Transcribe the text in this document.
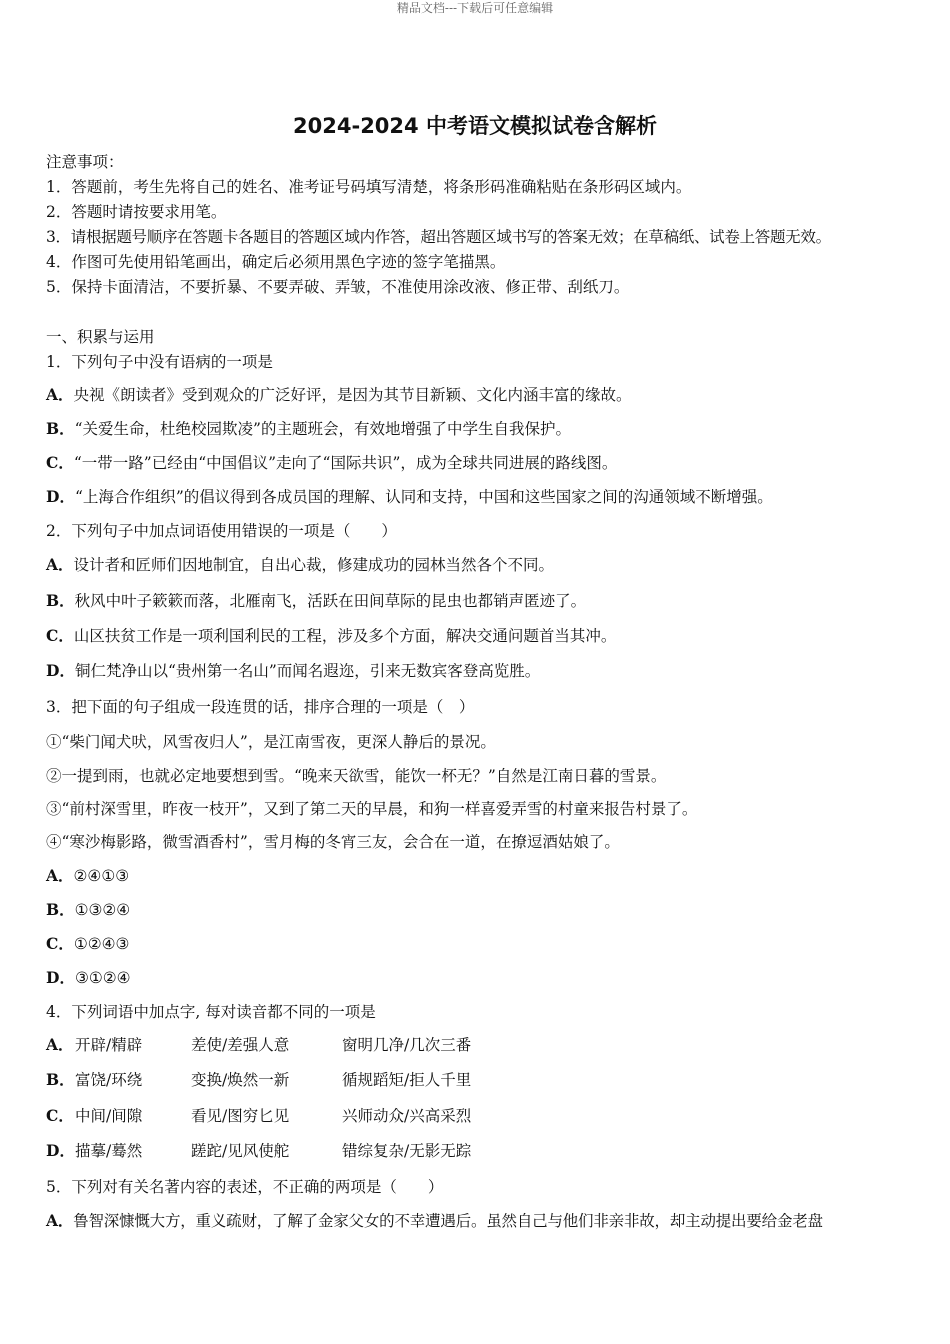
精品文档---下载后可任意编辑
2024-2024 中考语文模拟试卷含解析
注意事项：
1．答题前，考生先将自己的姓名、准考证号码填写清楚，将条形码准确粘贴在条形码区域内。
2．答题时请按要求用笔。
3．请根据题号顺序在答题卡各题目的答题区域内作答，超出答题区域书写的答案无效；在草稿纸、试卷上答题无效。
4．作图可先使用铅笔画出，确定后必须用黑色字迹的签字笔描黑。
5．保持卡面清洁，不要折暴、不要弄破、弄皱，不准使用涂改液、修正带、刮纸刀。
一、积累与运用
1．下列句子中没有语病的一项是
A．央视《朗读者》受到观众的广泛好评，是因为其节目新颖、文化内涵丰富的缘故。
B．“关爱生命，杜绝校园欺凌”的主题班会，有效地增强了中学生自我保护。
C．“一带一路”已经由“中国倡议”走向了“国际共识”，成为全球共同进展的路线图。
D．“上海合作组织”的倡议得到各成员国的理解、认同和支持，中国和这些国家之间的沟通领域不断增强。
2．下列句子中加点词语使用错误的一项是（　　）
A．设计者和匠师们因地制宜，自出心裁，修建成功的园林当然各个不同。
B．秋风中叶子簌簌而落，北雁南飞，活跃在田间草际的昆虫也都销声匿迹了。
C．山区扶贫工作是一项利国利民的工程，涉及多个方面，解决交通问题首当其冲。
D．铜仁梵净山以“贵州第一名山”而闻名遐迩，引来无数宾客登高览胜。
3．把下面的句子组成一段连贯的话，排序合理的一项是（　）
①“柴门闻犬吠，风雪夜归人”，是江南雪夜，更深人静后的景况。
②一提到雨，也就必定地要想到雪。“晚来天欲雪，能饮一杯无？”自然是江南日暮的雪景。
③“前村深雪里，昨夜一枝开”，又到了第二天的早晨，和狗一样喜爱弄雪的村童来报告村景了。
④“寒沙梅影路，微雪酒香村”，雪月梅的冬宵三友，会合在一道，在撩逗酒姑娘了。
A．②④①③
B．①③②④
C．①②④③
D．③①②④
4．下列词语中加点字, 每对读音都不同的一项是
A． 开辟/精辟	差使/差强人意	窗明几净/几次三番
B． 富饶/环绕	变换/焕然一新	循规蹈矩/拒人千里
C． 中间/间隙	看见/图穷匕见	兴师动众/兴高采烈
D． 描摹/蓦然	蹉跎/见风使舵	错综复杂/无影无踪
5．下列对有关名著内容的表述，不正确的两项是（　　）
A．鲁智深慷慨大方，重义疏财，了解了金家父女的不幸遭遇后。虽然自己与他们非亲非故，却主动提出要给金老盘
